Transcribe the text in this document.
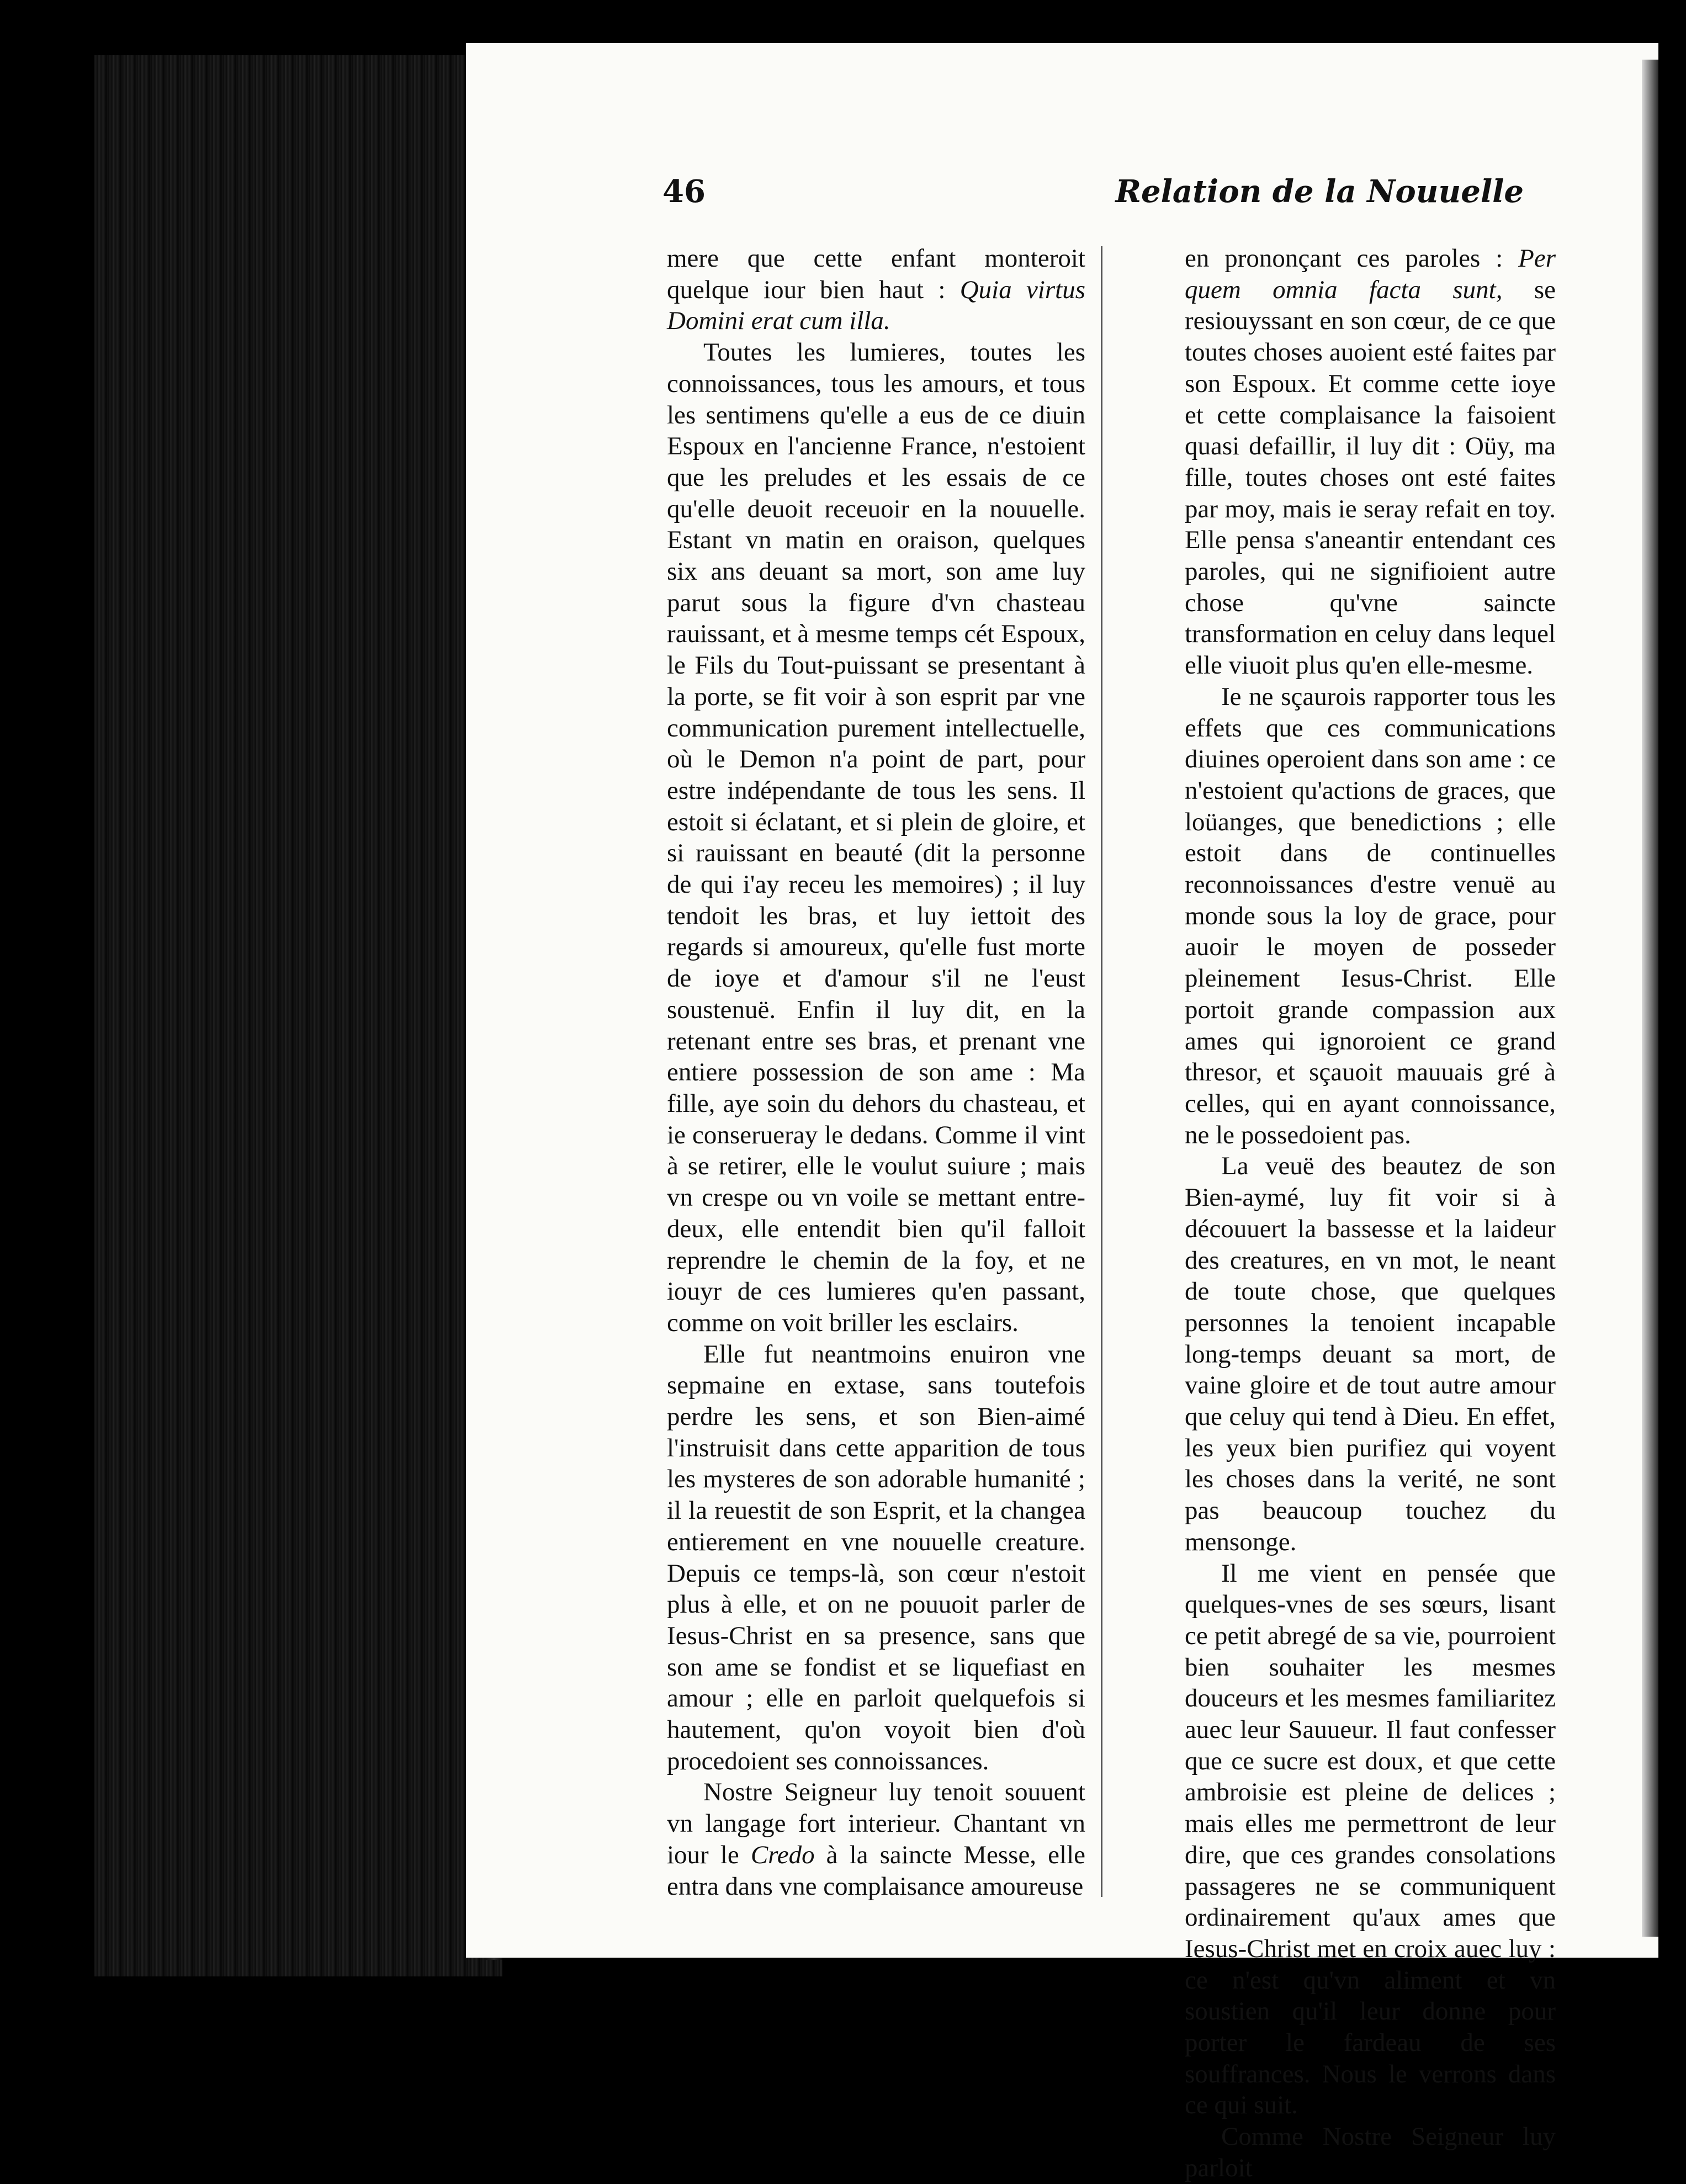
46	Relation de la Nouuelle

mere que cette enfant monteroit quelque iour bien haut : Quia virtus Domini erat cum illa.

Toutes les lumieres, toutes les connoissances, tous les amours, et tous les sentimens qu'elle a eus de ce diuin Espoux en l'ancienne France, n'estoient que les preludes et les essais de ce qu'elle deuoit receuoir en la nouuelle. Estant vn matin en oraison, quelques six ans deuant sa mort, son ame luy parut sous la figure d'vn chasteau rauissant, et à mesme temps cét Espoux, le Fils du Tout-puissant se presentant à la porte, se fit voir à son esprit par vne communication purement intellectuelle, où le Demon n'a point de part, pour estre indépendante de tous les sens. Il estoit si éclatant, et si plein de gloire, et si rauissant en beauté (dit la personne de qui i'ay receu les memoires) ; il luy tendoit les bras, et luy iettoit des regards si amoureux, qu'elle fust morte de ioye et d'amour s'il ne l'eust soustenuë. Enfin il luy dit, en la retenant entre ses bras, et prenant vne entiere possession de son ame : Ma fille, aye soin du dehors du chasteau, et ie conserueray le dedans. Comme il vint à se retirer, elle le voulut suiure ; mais vn crespe ou vn voile se mettant entre-deux, elle entendit bien qu'il falloit reprendre le chemin de la foy, et ne iouyr de ces lumieres qu'en passant, comme on voit briller les esclairs.

Elle fut neantmoins enuiron vne sepmaine en extase, sans toutefois perdre les sens, et son Bien-aimé l'instruisit dans cette apparition de tous les mysteres de son adorable humanité ; il la reuestit de son Esprit, et la changea entierement en vne nouuelle creature. Depuis ce temps-là, son cœur n'estoit plus à elle, et on ne pouuoit parler de Iesus-Christ en sa presence, sans que son ame se fondist et se liquefiast en amour ; elle en parloit quelquefois si hautement, qu'on voyoit bien d'où procedoient ses connoissances.

Nostre Seigneur luy tenoit souuent vn langage fort interieur. Chantant vn iour le Credo à la saincte Messe, elle entra dans vne complaisance amoureuse

en prononçant ces paroles : Per quem omnia facta sunt, se resiouyssant en son cœur, de ce que toutes choses auoient esté faites par son Espoux. Et comme cette ioye et cette complaisance la faisoient quasi defaillir, il luy dit : Oüy, ma fille, toutes choses ont esté faites par moy, mais ie seray refait en toy. Elle pensa s'aneantir entendant ces paroles, qui ne signifioient autre chose qu'vne saincte transformation en celuy dans lequel elle viuoit plus qu'en elle-mesme.

Ie ne sçaurois rapporter tous les effets que ces communications diuines operoient dans son ame : ce n'estoient qu'actions de graces, que loüanges, que benedictions ; elle estoit dans de continuelles reconnoissances d'estre venuë au monde sous la loy de grace, pour auoir le moyen de posseder pleinement Iesus-Christ. Elle portoit grande compassion aux ames qui ignoroient ce grand thresor, et sçauoit mauuais gré à celles, qui en ayant connoissance, ne le possedoient pas.

La veuë des beautez de son Bien-aymé, luy fit voir si à découuert la bassesse et la laideur des creatures, en vn mot, le neant de toute chose, que quelques personnes la tenoient incapable long-temps deuant sa mort, de vaine gloire et de tout autre amour que celuy qui tend à Dieu. En effet, les yeux bien purifiez qui voyent les choses dans la verité, ne sont pas beaucoup touchez du mensonge.

Il me vient en pensée que quelques-vnes de ses sœurs, lisant ce petit abregé de sa vie, pourroient bien souhaiter les mesmes douceurs et les mesmes familiaritez auec leur Sauueur. Il faut confesser que ce sucre est doux, et que cette ambroisie est pleine de delices ; mais elles me permettront de leur dire, que ces grandes consolations passageres ne se communiquent ordinairement qu'aux ames que Iesus-Christ met en croix auec luy : ce n'est qu'vn aliment et vn soustien qu'il leur donne pour porter le fardeau de ses souffrances. Nous le verrons dans ce qui suit.

Comme Nostre Seigneur luy parloit
